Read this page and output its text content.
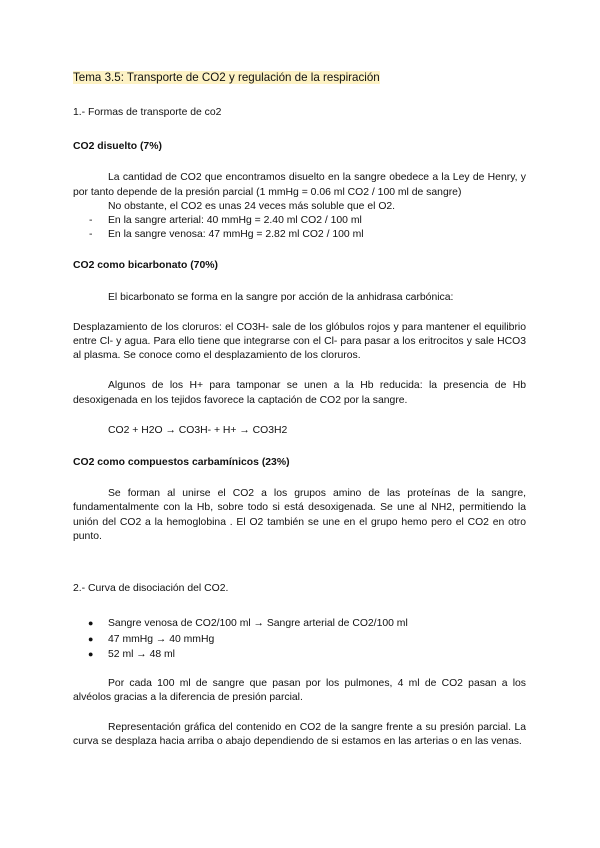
Tema 3.5: Transporte de CO2 y regulación de la respiración

1.- Formas de transporte de co2

CO2 disuelto (7%)

La cantidad de CO2 que encontramos disuelto en la sangre obedece a la Ley de Henry, y por tanto depende de la presión parcial (1 mmHg = 0.06 ml CO2 / 100 ml de sangre)

No obstante, el CO2 es unas 24 veces más soluble que el O2.

- En la sangre arterial: 40 mmHg = 2.40 ml CO2 / 100 ml
- En la sangre venosa: 47 mmHg = 2.82 ml CO2 / 100 ml

CO2 como bicarbonato (70%)

El bicarbonato se forma en la sangre por acción de la anhidrasa carbónica:

Desplazamiento de los cloruros: el CO3H- sale de los glóbulos rojos y para mantener el equilibrio entre Cl- y agua. Para ello tiene que integrarse con el Cl- para pasar a los eritrocitos y sale HCO3 al plasma. Se conoce como el desplazamiento de los cloruros.

Algunos de los H+ para tamponar se unen a la Hb reducida: la presencia de Hb desoxigenada en los tejidos favorece la captación de CO2 por la sangre.

CO2 + H2O → CO3H- + H+ → CO3H2

CO2 como compuestos carbamínicos (23%)

Se forman al unirse el CO2 a los grupos amino de las proteínas de la sangre, fundamentalmente con la Hb, sobre todo si está desoxigenada. Se une al NH2, permitiendo la unión del CO2 a la hemoglobina . El O2 también se une en el grupo hemo pero el CO2 en otro punto.

2.- Curva de disociación del CO2.

● Sangre venosa de CO2/100 ml → Sangre arterial de CO2/100 ml
● 47 mmHg → 40 mmHg
● 52 ml → 48 ml

Por cada 100 ml de sangre que pasan por los pulmones, 4 ml de CO2 pasan a los alvéolos gracias a la diferencia de presión parcial.

Representación gráfica del contenido en CO2 de la sangre frente a su presión parcial. La curva se desplaza hacia arriba o abajo dependiendo de si estamos en las arterias o en las venas.
